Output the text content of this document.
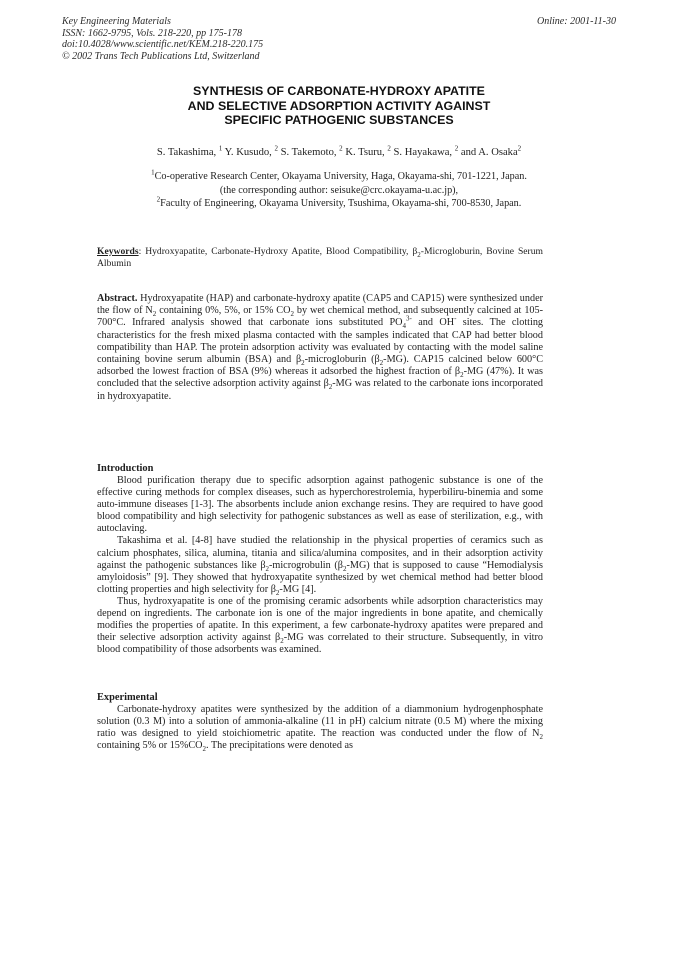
Key Engineering Materials
ISSN: 1662-9795, Vols. 218-220, pp 175-178
doi:10.4028/www.scientific.net/KEM.218-220.175
© 2002 Trans Tech Publications Ltd, Switzerland
Online: 2001-11-30
SYNTHESIS OF CARBONATE-HYDROXY APATITE
AND SELECTIVE ADSORPTION ACTIVITY AGAINST
SPECIFIC PATHOGENIC SUBSTANCES
S. Takashima, $^1$ Y. Kusudo, $^2$ S. Takemoto, $^2$ K. Tsuru, $^2$ S. Hayakawa, $^2$ and A. Osaka$^2$
$^1$Co-operative Research Center, Okayama University, Haga, Okayama-shi, 701-1221, Japan.
(the corresponding author: seisuke@crc.okayama-u.ac.jp),
$^2$Faculty of Engineering, Okayama University, Tsushima, Okayama-shi, 700-8530, Japan.
Keywords: Hydroxyapatite, Carbonate-Hydroxy Apatite, Blood Compatibility, $\beta_2$-Microgloburin, Bovine Serum Albumin
Abstract. Hydroxyapatite (HAP) and carbonate-hydroxy apatite (CAP5 and CAP15) were synthesized under the flow of $N_2$ containing 0%, 5%, or 15% $CO_2$ by wet chemical method, and subsequently calcined at 105-700°C. Infrared analysis showed that carbonate ions substituted $PO_4^{3-}$ and OH- sites. The clotting characteristics for the fresh mixed plasma contacted with the samples indicated that CAP had better blood compatibility than HAP. The protein adsorption activity was evaluated by contacting with the model saline containing bovine serum albumin (BSA) and $\beta_2$-microgloburin $(\beta_2-MG)$. CAP15 calcined below 600°C adsorbed the lowest fraction of BSA (9%) whereas it adsorbed the highest fraction of $\beta_2-MG$ (47%). It was concluded that the selective adsorption activity against $\beta_2-MG$ was related to the carbonate ions incorporated in hydroxyapatite.
Introduction

Blood purification therapy due to specific adsorption against pathogenic substance is one of the effective curing methods for complex diseases, such as hyperchorestrolemia, hyperbiliru-binemia and some auto-immune diseases [1-3]. The absorbents include anion exchange resins. They are required to have good blood compatibility and high selectivity for pathogenic substances as well as ease of sterilization, e.g., with autoclaving.

Takashima et al. [4-8] have studied the relationship in the physical properties of ceramics such as calcium phosphates, silica, alumina, titania and silica/alumina composites, and in their adsorption activity against the pathogenic substances like $\beta_2$-microgrobulin $(\beta_2-MG)$ that is supposed to cause “Hemodialysis amyloidosis” [9]. They showed that hydroxyapatite synthesized by wet chemical method had better blood clotting properties and high selectivity for $\beta_2-MG$ [4].

Thus, hydroxyapatite is one of the promising ceramic adsorbents while adsorption characteristics may depend on ingredients. The carbonate ion is one of the major ingredients in bone apatite, and chemically modifies the properties of apatite. In this experiment, a few carbonate-hydroxy apatites were prepared and their selective adsorption activity against $\beta_2-MG$ was correlated to their structure. Subsequently, in vitro blood compatibility of those adsorbents was examined.

Experimental

Carbonate-hydroxy apatites were synthesized by the addition of a diammonium hydrogenphosphate solution (0.3 M) into a solution of ammonia-alkaline (11 in pH) calcium nitrate (0.5 M) where the mixing ratio was designed to yield stoichiometric apatite. The reaction was conducted under the flow of $N_2$ containing 5% or $15\%CO_2$. The precipitations were denoted as
